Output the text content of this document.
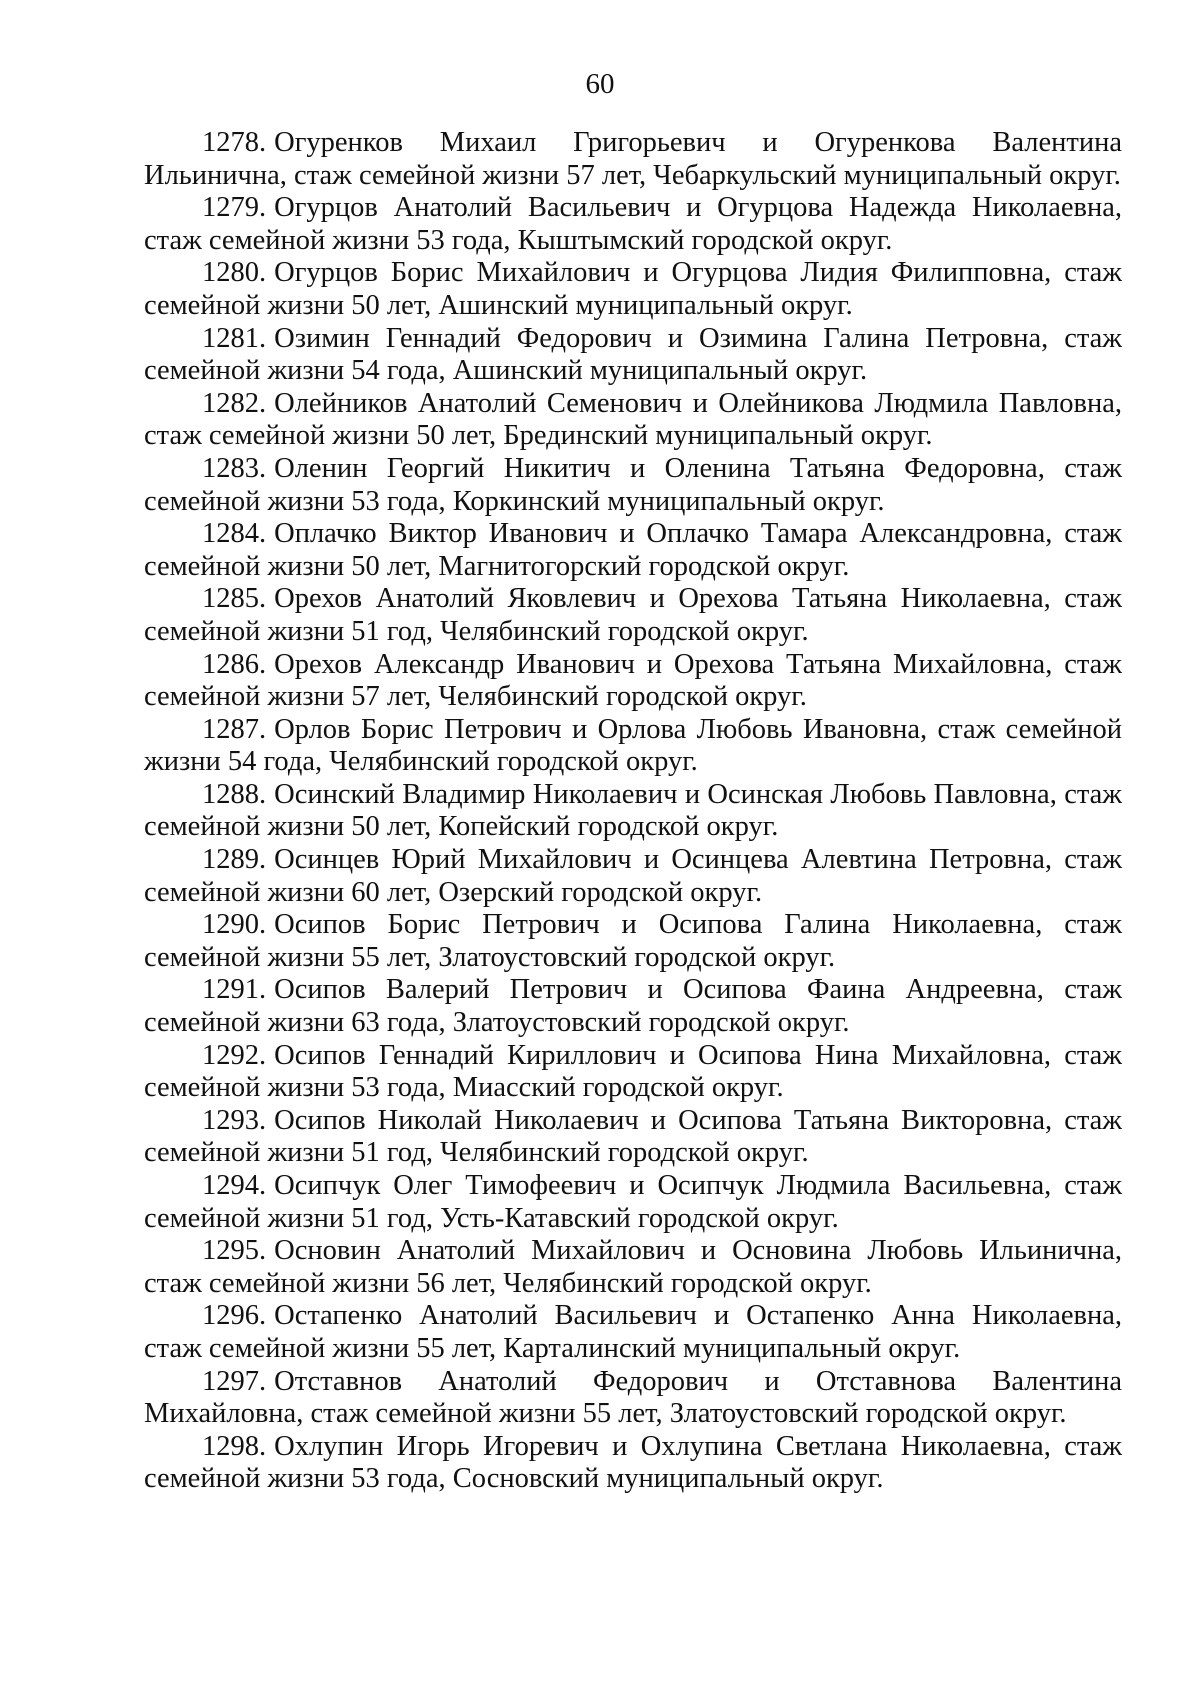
60
1278. Огуренков Михаил Григорьевич и Огуренкова Валентина Ильинична, стаж семейной жизни 57 лет, Чебаркульский муниципальный округ.
1279. Огурцов Анатолий Васильевич и Огурцова Надежда Николаевна, стаж семейной жизни 53 года, Кыштымский городской округ.
1280. Огурцов Борис Михайлович и Огурцова Лидия Филипповна, стаж семейной жизни 50 лет, Ашинский муниципальный округ.
1281. Озимин Геннадий Федорович и Озимина Галина Петровна, стаж семейной жизни 54 года, Ашинский муниципальный округ.
1282. Олейников Анатолий Семенович и Олейникова Людмила Павловна, стаж семейной жизни 50 лет, Брединский муниципальный округ.
1283. Оленин Георгий Никитич и Оленина Татьяна Федоровна, стаж семейной жизни 53 года, Коркинский муниципальный округ.
1284. Оплачко Виктор Иванович и Оплачко Тамара Александровна, стаж семейной жизни 50 лет, Магнитогорский городской округ.
1285. Орехов Анатолий Яковлевич и Орехова Татьяна Николаевна, стаж семейной жизни 51 год, Челябинский городской округ.
1286. Орехов Александр Иванович и Орехова Татьяна Михайловна, стаж семейной жизни 57 лет, Челябинский городской округ.
1287. Орлов Борис Петрович и Орлова Любовь Ивановна, стаж семейной жизни 54 года, Челябинский городской округ.
1288. Осинский Владимир Николаевич и Осинская Любовь Павловна, стаж семейной жизни 50 лет, Копейский городской округ.
1289. Осинцев Юрий Михайлович и Осинцева Алевтина Петровна, стаж семейной жизни 60 лет, Озерский городской округ.
1290. Осипов Борис Петрович и Осипова Галина Николаевна, стаж семейной жизни 55 лет, Златоустовский городской округ.
1291. Осипов Валерий Петрович и Осипова Фаина Андреевна, стаж семейной жизни 63 года, Златоустовский городской округ.
1292. Осипов Геннадий Кириллович и Осипова Нина Михайловна, стаж семейной жизни 53 года, Миасский городской округ.
1293. Осипов Николай Николаевич и Осипова Татьяна Викторовна, стаж семейной жизни 51 год, Челябинский городской округ.
1294. Осипчук Олег Тимофеевич и Осипчук Людмила Васильевна, стаж семейной жизни 51 год, Усть-Катавский городской округ.
1295. Основин Анатолий Михайлович и Основина Любовь Ильинична, стаж семейной жизни 56 лет, Челябинский городской округ.
1296. Остапенко Анатолий Васильевич и Остапенко Анна Николаевна, стаж семейной жизни 55 лет, Карталинский муниципальный округ.
1297. Отставнов Анатолий Федорович и Отставнова Валентина Михайловна, стаж семейной жизни 55 лет, Златоустовский городской округ.
1298. Охлупин Игорь Игоревич и Охлупина Светлана Николаевна, стаж семейной жизни 53 года, Сосновский муниципальный округ.
